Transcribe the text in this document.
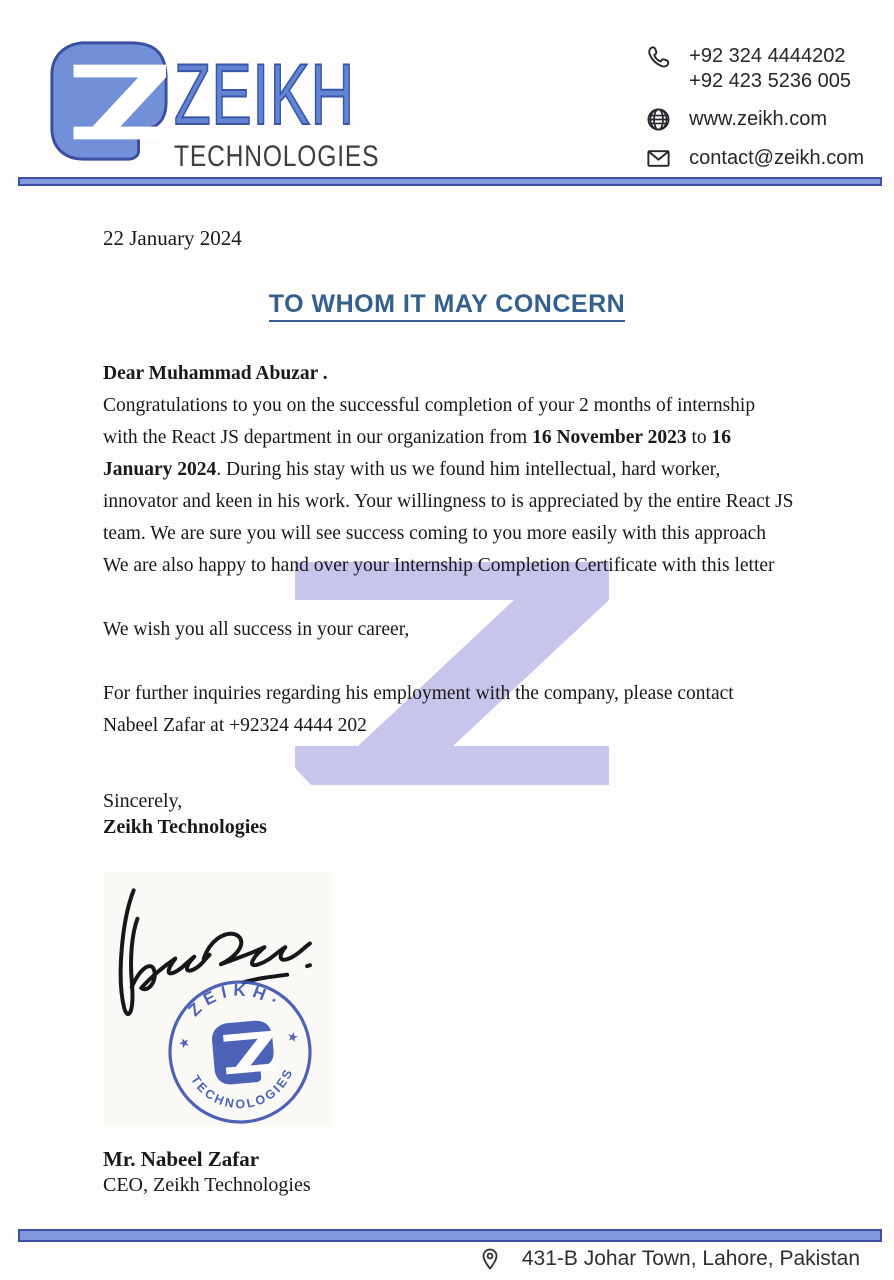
ZEIKH
TECHNOLOGIES
+92 324 4444202
+92 423 5236 005
www.zeikh.com
contact@zeikh.com
22 January 2024
TO WHOM IT MAY CONCERN
Dear Muhammad Abuzar .
Congratulations to you on the successful completion of your 2 months of internship
with the React JS department in our organization from 16 November 2023 to 16
January 2024. During his stay with us we found him intellectual, hard worker,
innovator and keen in his work. Your willingness to is appreciated by the entire React JS
team. We are sure you will see success coming to you more easily with this approach
We are also happy to hand over your Internship Completion Certificate with this letter
We wish you all success in your career,
For further inquiries regarding his employment with the company, please contact
Nabeel Zafar at +92324 4444 202
Sincerely,
Zeikh Technologies
ZEIKH·
TECHNOLOGIES
★	★
Mr. Nabeel Zafar
CEO, Zeikh Technologies
431-B Johar Town, Lahore, Pakistan
